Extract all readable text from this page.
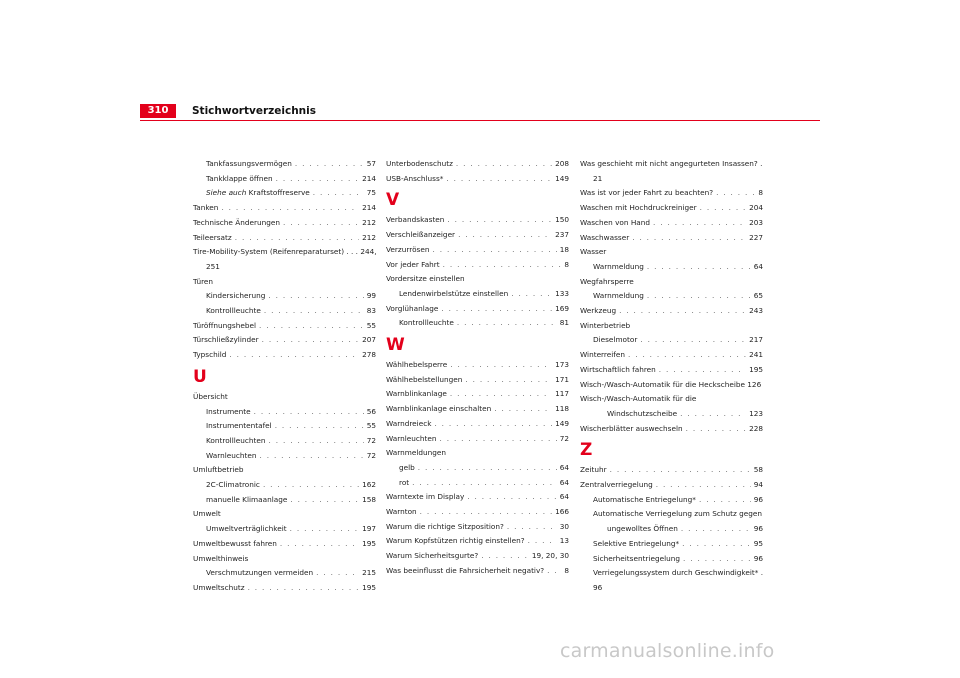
310	Stichwortverzeichnis
Tankfassungsvermögen . . .	57
Tankklappe öffnen . . .	214
Siehe auch Kraftstoffreserve . . .	75
Tanken . . .	214
Technische Änderungen . . .	212
Teileersatz . . .	212
Tire-Mobility-System (Reifenreparaturset) . . . 244,
251
Türen
Kindersicherung . . .	99
Kontrollleuchte . . .	83
Türöffnungshebel . . .	55
Türschließzylinder . . .	207
Typschild . . .	278
U
Übersicht
Instrumente . . .	56
Instrumententafel . . .	55
Kontrollleuchten . . .	72
Warnleuchten . . .	72
Umluftbetrieb
2C-Climatronic . . .	162
manuelle Klimaanlage . . .	158
Umwelt
Umweltverträglichkeit . . .	197
Umweltbewusst fahren . . .	195
Umwelthinweis
Verschmutzungen vermeiden . . .	215
Umweltschutz . . .	195
Unterbodenschutz . . .	208
USB-Anschluss* . . .	149
V
Verbandskasten . . .	150
Verschleißanzeiger . . .	237
Verzurrösen . . .	18
Vor jeder Fahrt . . .	8
Vordersitze einstellen
Lendenwirbelstütze einstellen . . .	133
Vorglühanlage . . .	169
Kontrollleuchte . . .	81
W
Wählhebelsperre . . .	173
Wählhebelstellungen . . .	171
Warnblinkanlage . . .	117
Warnblinkanlage einschalten . . .	118
Warndreieck . . .	149
Warnleuchten . . .	72
Warnmeldungen
gelb . . .	64
rot . . .	64
Warntexte im Display . . .	64
Warnton . . .	166
Warum die richtige Sitzposition? . . .	30
Warum Kopfstützen richtig einstellen? . . .	13
Warum Sicherheitsgurte? . . .	19, 20, 30
Was beeinflusst die Fahrsicherheit negativ? . . .	8
Was geschieht mit nicht angegurteten Insassen? .
21
Was ist vor jeder Fahrt zu beachten? . . .	8
Waschen mit Hochdruckreiniger . . .	204
Waschen von Hand . . .	203
Waschwasser . . .	227
Wasser
Warnmeldung . . .	64
Wegfahrsperre
Warnmeldung . . .	65
Werkzeug . . .	243
Winterbetrieb
Dieselmotor . . .	217
Winterreifen . . .	241
Wirtschaftlich fahren . . .	195
Wisch-/Wasch-Automatik für die Heckscheibe 126
Wisch-/Wasch-Automatik für die
Windschutzscheibe . . .	123
Wischerblätter auswechseln . . .	228
Z
Zeituhr . . .	58
Zentralverriegelung . . .	94
Automatische Entriegelung* . . .	96
Automatische Verriegelung zum Schutz gegen
ungewolltes Öffnen . . .	96
Selektive Entriegelung* . . .	95
Sicherheitsentriegelung . . .	96
Verriegelungssystem durch Geschwindigkeit* .
96
carmanualsonline.info
